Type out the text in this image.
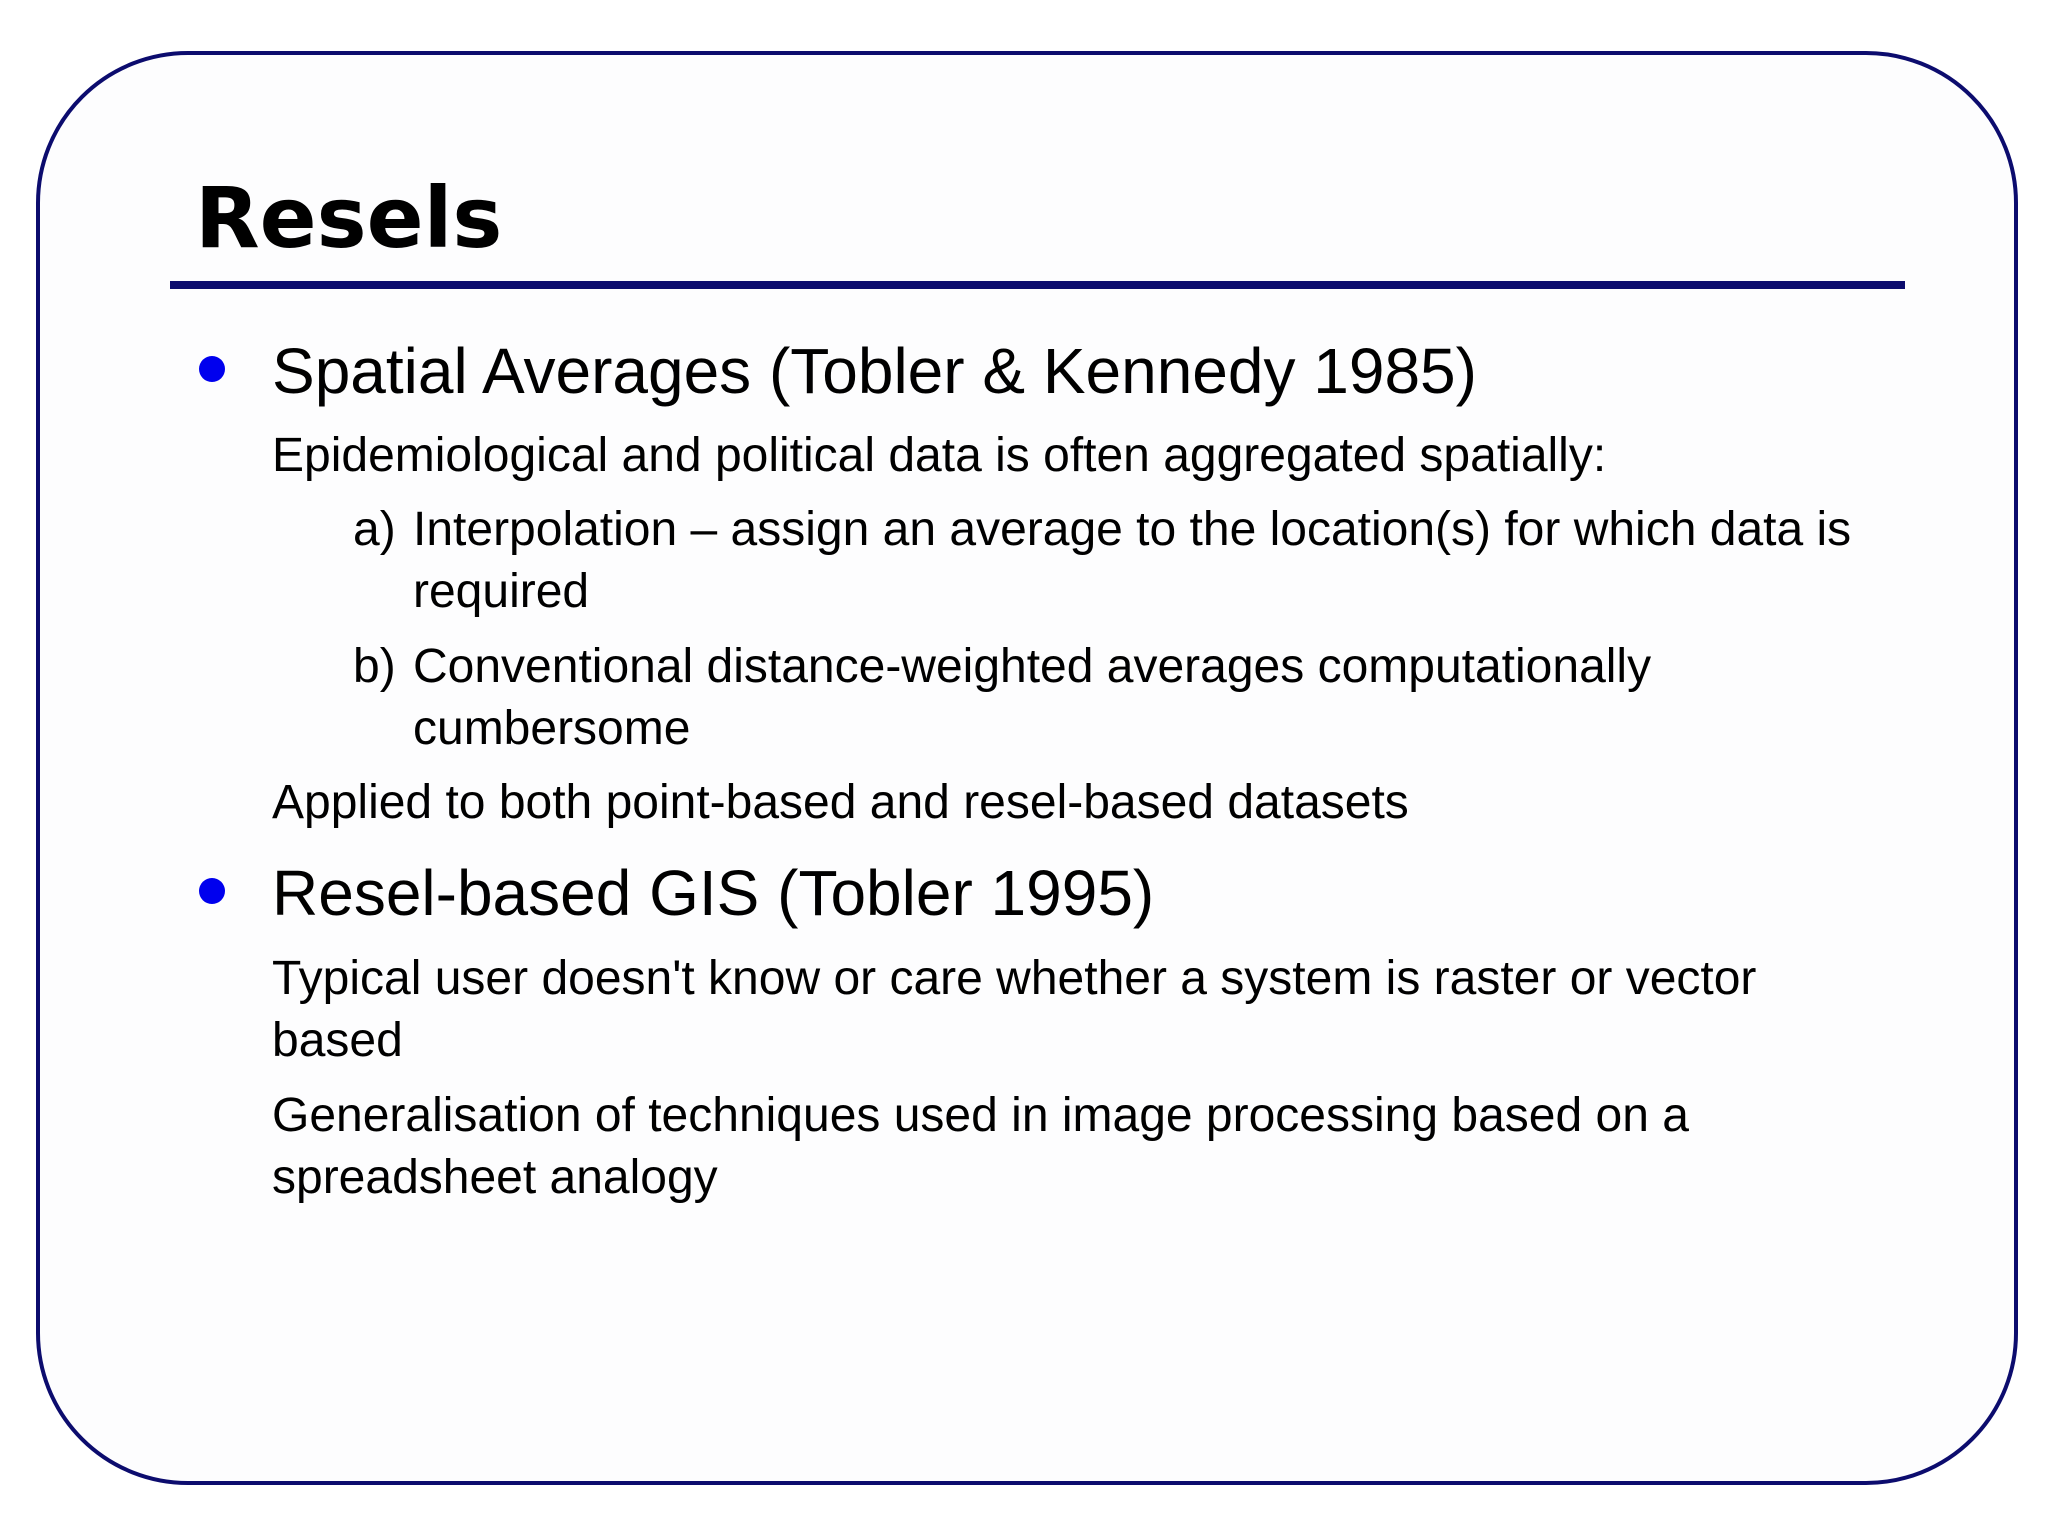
Resels
Spatial Averages (Tobler & Kennedy 1985)
Epidemiological and political data is often aggregated spatially:
a) Interpolation – assign an average to the location(s) for which data is required
b) Conventional distance-weighted averages computationally cumbersome
Applied to both point-based and resel-based datasets
Resel-based GIS (Tobler 1995)
Typical user doesn't know or care whether a system is raster or vector based
Generalisation of techniques used in image processing based on a spreadsheet analogy
